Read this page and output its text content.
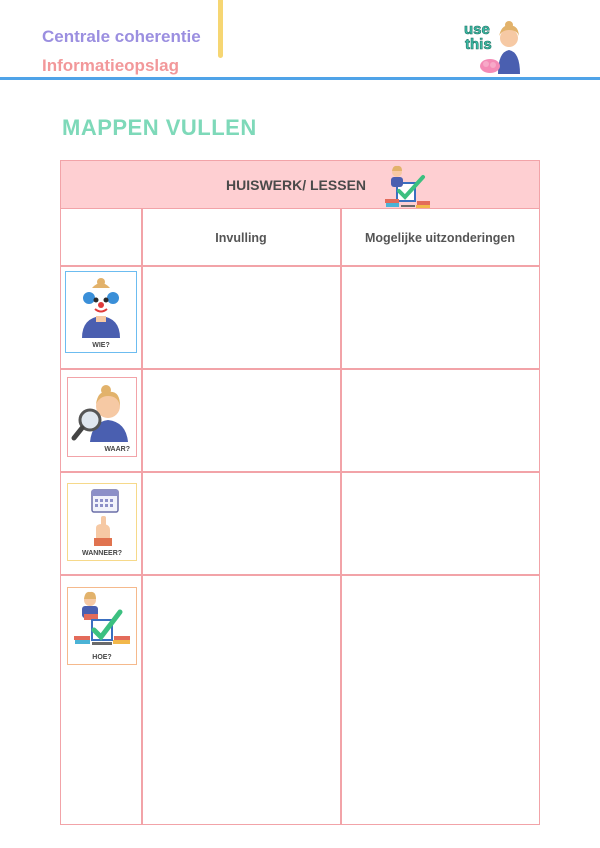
Centrale coherentie
Informatieopslag
use
this
MAPPEN VULLEN
HUISWERK/ LESSEN
Invulling	Mogelijke uitzonderingen
WIE?
WAAR?
WANNEER?
HOE?
